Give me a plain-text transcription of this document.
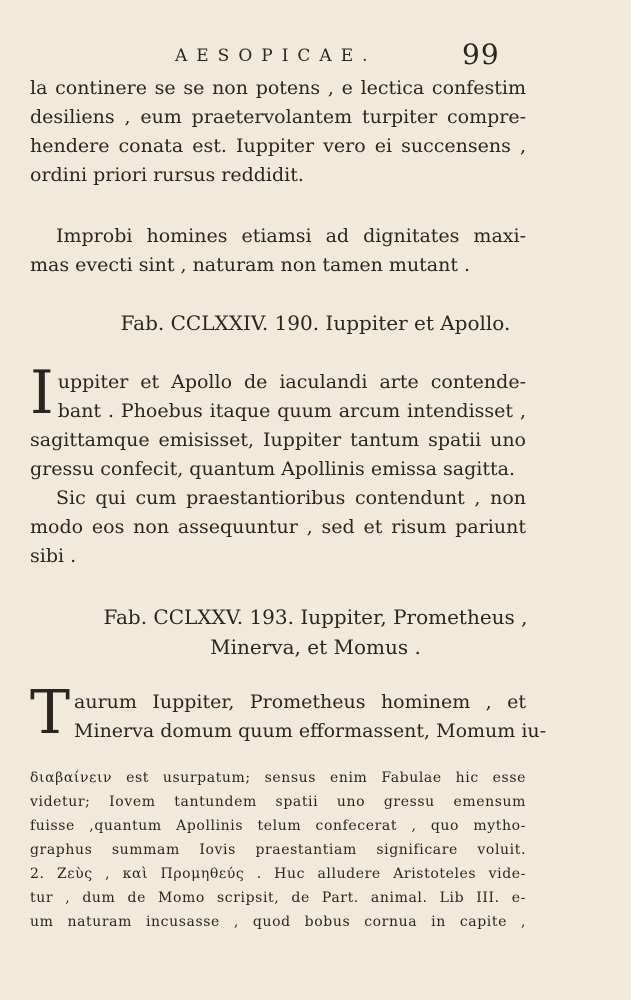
AESOPICAE.	99
la continere se se non potens , e lectica confestim
desiliens , eum praetervolantem turpiter compre-
hendere conata est. Iuppiter vero ei succensens ,
ordini priori rursus reddidit.
Improbi homines etiamsi ad dignitates maxi-
mas evecti sint , naturam non tamen mutant .
Fab. CCLXXIV. 190. Iuppiter et Apollo.
I uppiter et Apollo de iaculandi arte contende-
bant . Phoebus itaque quum arcum intendisset ,
sagittamque emisisset, Iuppiter tantum spatii uno
gressu confecit, quantum Apollinis emissa sagitta.
Sic qui cum praestantioribus contendunt , non
modo eos non assequuntur , sed et risum pariunt
sibi .
Fab. CCLXXV. 193. Iuppiter, Prometheus ,
Minerva, et Momus .
T aurum Iuppiter, Prometheus hominem , et
Minerva domum quum efformassent, Momum iu-
διαβαίνειν est usurpatum; sensus enim Fabulae hic esse
videtur; Iovem tantundem spatii uno gressu emensum
fuisse ,quantum Apollinis telum confecerat , quo mytho-
graphus summam Iovis praestantiam significare voluit.
2. Ζεὺς , καὶ Προμηθεύς . Huc alludere Aristoteles vide-
tur , dum de Momo scripsit, de Part. animal. Lib III. e-
um naturam incusasse , quod bobus cornua in capite ,
